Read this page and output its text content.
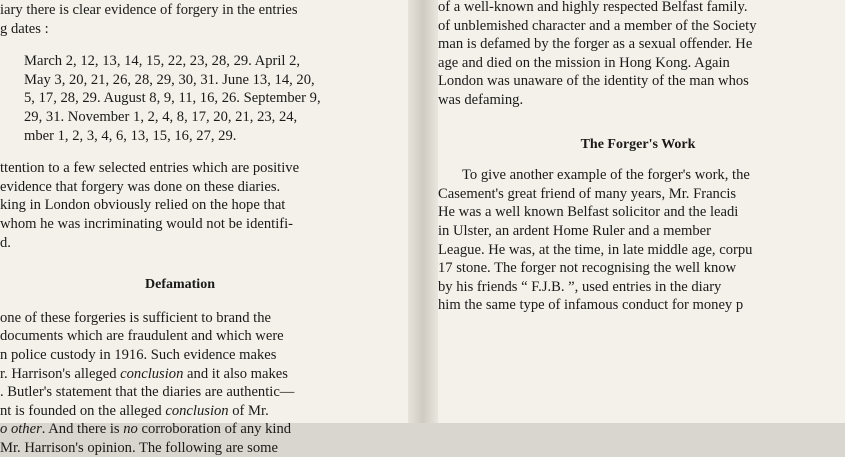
iary there is clear evidence of forgery in the entries
g dates :
March 2, 12, 13, 14, 15, 22, 23, 28, 29. April 2,
May 3, 20, 21, 26, 28, 29, 30, 31. June 13, 14, 20,
5, 17, 28, 29. August 8, 9, 11, 16, 26. September 9,
29, 31. November 1, 2, 4, 8, 17, 20, 21, 23, 24,
mber 1, 2, 3, 4, 6, 13, 15, 16, 27, 29.
ttention to a few selected entries which are positive
evidence that forgery was done on these diaries.
king in London obviously relied on the hope that
whom he was incriminating would not be identifi-
d.
Defamation
one of these forgeries is sufficient to brand the
documents which are fraudulent and which were
n police custody in 1916. Such evidence makes
r. Harrison's alleged conclusion and it also makes
. Butler's statement that the diaries are authentic—
nt is founded on the alleged conclusion of Mr.
o other. And there is no corroboration of any kind
Mr. Harrison's opinion. The following are some
of a well-known and highly respected Belfast family.
of unblemished character and a member of the Society
man is defamed by the forger as a sexual offender. He
age and died on the mission in Hong Kong. Again
London was unaware of the identity of the man whos
was defaming.
The Forger's Work
To give another example of the forger's work, the
Casement's great friend of many years, Mr. Francis
He was a well known Belfast solicitor and the leadi
in Ulster, an ardent Home Ruler and a member
League. He was, at the time, in late middle age, corpu
17 stone. The forger not recognising the well know
by his friends “ F.J.B. ”, used entries in the diary
him the same type of infamous conduct for money p
